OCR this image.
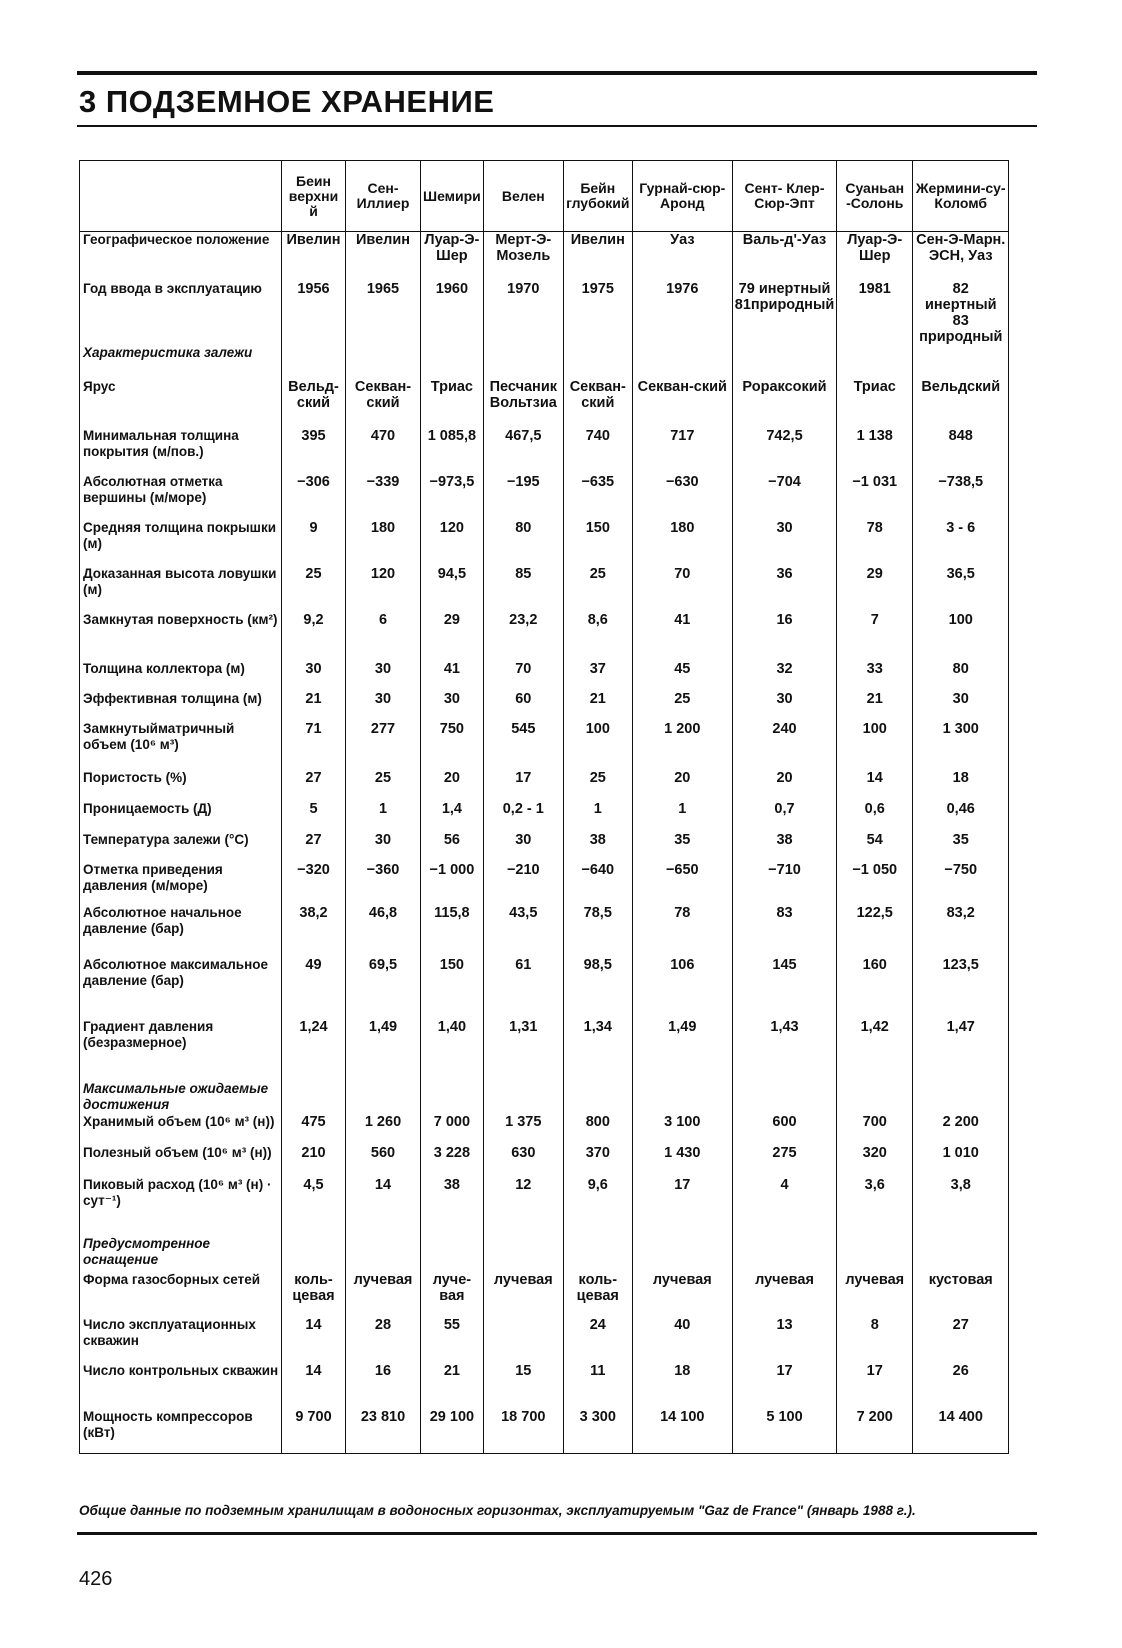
3 ПОДЗЕМНОЕ ХРАНЕНИЕ
	Беин верхни й	Сен-Иллиер	Шемири	Велен	Бейн глубокий	Гурнай-сюр-Аронд	Сент- Клер-Сюр-Эпт	Суаньан -Солонь	Жермини-су-Коломб
Географическое положение	Ивелин	Ивелин	Луар-Э-Шер	Мерт-Э-Мозель	Ивелин	Уаз	Валь-д'-Уаз	Луар-Э-Шер	Сен-Э-Марн. ЭСН, Уаз
Год ввода в эксплуатацию	1956	1965	1960	1970	1975	1976	79 инертный 81природный	1981	82 инертный 83 природный
Характеристика залежи									
Ярус	Вельд-ский	Секван-ский	Триас	Песчаник Вольтзиа	Секван-ский	Секван-ский	Рораксокий	Триас	Вельдский
Минимальная толщина покрытия (м/пов.)	395	470	1 085,8	467,5	740	717	742,5	1 138	848
Абсолютная отметка вершины (м/море)	−306	−339	−973,5	−195	−635	−630	−704	−1 031	−738,5
Средняя толщина покрышки (м)	9	180	120	80	150	180	30	78	3 - 6
Доказанная высота ловушки (м)	25	120	94,5	85	25	70	36	29	36,5
Замкнутая поверхность (км²)	9,2	6	29	23,2	8,6	41	16	7	100
Толщина коллектора (м)	30	30	41	70	37	45	32	33	80
Эффективная толщина (м)	21	30	30	60	21	25	30	21	30
Замкнутыйматричный объем (10⁶ м³)	71	277	750	545	100	1 200	240	100	1 300
Пористость (%)	27	25	20	17	25	20	20	14	18
Проницаемость (Д)	5	1	1,4	0,2 - 1	1	1	0,7	0,6	0,46
Температура залежи (°C)	27	30	56	30	38	35	38	54	35
Отметка приведения давления (м/море)	−320	−360	−1 000	−210	−640	−650	−710	−1 050	−750
Абсолютное начальное давление (бар)	38,2	46,8	115,8	43,5	78,5	78	83	122,5	83,2
Абсолютное максимальное давление (бар)	49	69,5	150	61	98,5	106	145	160	123,5
Градиент давления (безразмерное)	1,24	1,49	1,40	1,31	1,34	1,49	1,43	1,42	1,47
Максимальные ожидаемые достижения									
Хранимый объем (10⁶ м³ (н))	475	1 260	7 000	1 375	800	3 100	600	700	2 200
Полезный объем (10⁶ м³ (н))	210	560	3 228	630	370	1 430	275	320	1 010
Пиковый расход (10⁶ м³ (н) · сут⁻¹)	4,5	14	38	12	9,6	17	4	3,6	3,8
Предусмотренное оснащение									
Форма газосборных сетей	коль-цевая	лучевая	луче-вая	лучевая	коль-цевая	лучевая	лучевая	лучевая	кустовая
Число эксплуатационных скважин	14	28	55		24	40	13	8	27
Число контрольных скважин	14	16	21	15	11	18	17	17	26
Мощность компрессоров (кВт)	9 700	23 810	29 100	18 700	3 300	14 100	5 100	7 200	14 400
Общие данные по подземным хранилищам в водоносных горизонтах, эксплуатируемым "Gaz de France" (январь 1988 г.).
426
